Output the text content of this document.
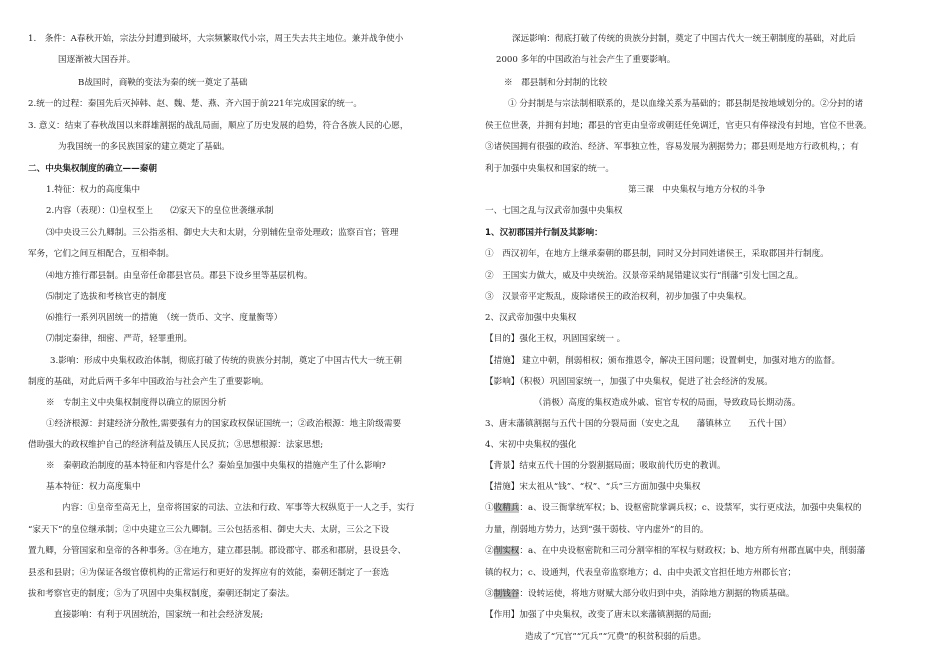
1.　条件：A春秋开始，宗法分封遭到破坏，大宗频繁取代小宗，周王失去共主地位。兼并战争使小
国逐渐被大国吞并。
B战国时，商鞅的变法为秦的统一奠定了基础
2.统一的过程：秦国先后灭掉韩、赵、魏、楚、燕、齐六国于前221年完成国家的统一。
3. 意义：结束了春秋战国以来群雄割据的战乱局面，顺应了历史发展的趋势，符合各族人民的心愿，
为我国统一的多民族国家的建立奠定了基础。
二、中央集权制度的确立——秦朝
1.特征：权力的高度集中
2.内容（表现）：⑴皇权至上　　⑵家天下的皇位世袭继承制
⑶中央设三公九卿制。三公指丞相、御史大夫和太尉，分别辅佐皇帝处理政；监察百官；管理
军务，它们之间互相配合，互相牵制。
⑷地方推行郡县制。由皇帝任命郡县官员。郡县下设乡里等基层机构。
⑸制定了选拔和考核官吏的制度
⑹推行一系列巩固统一的措施　（统一货币、文字、度量衡等）
⑺制定秦律，细密、严苛，轻罪重刑。
3.影响：形成中央集权政治体制，彻底打破了传统的贵族分封制，奠定了中国古代大一统王朝
制度的基础，对此后两千多年中国政治与社会产生了重要影响。
※　专制主义中央集权制度得以确立的原因分析
①经济根源：封建经济分散性,需要强有力的国家政权保证国统一；②政治根源：地主阶级需要
借助强大的政权维护自己的经济利益及镇压人民反抗；③思想根源：法家思想;
※　秦朝政治制度的基本特征和内容是什么？秦始皇加强中央集权的措施产生了什么影响?
基本特征：权力高度集中
内容：①皇帝至高无上，皇帝将国家的司法、立法和行政、军事等大权纵览于一人之手，实行
“家天下”的皇位继承制；②中央建立三公九卿制。三公包括丞相、御史大夫、太尉，三公之下设
置九卿，分管国家和皇帝的各种事务。③在地方，建立郡县制。郡设郡守、郡丞和郡尉，县设县令、
县丞和县尉；④为保证各级官僚机构的正常运行和更好的发挥应有的效能，秦朝还制定了一套选
拔和考察官吏的制度；⑤为了巩固中央集权制度，秦朝还制定了秦法。
直接影响：有利于巩固统治，国家统一和社会经济发展;
深远影响：彻底打破了传统的贵族分封制，奠定了中国古代大一统王朝制度的基础，对此后
2000 多年的中国政治与社会产生了重要影响。
※　郡县制和分封制的比较
① 分封制是与宗法制相联系的，是以血缘关系为基础的；郡县制是按地域划分的。②分封的诸
侯王位世袭，并拥有封地；郡县的官吏由皇帝或朝廷任免调迁，官吏只有俸禄没有封地，官位不世袭。
③诸侯国拥有很强的政治、经济、军事独立性，容易发展为割据势力；郡县则是地方行政机构，；有
利于加强中央集权和国家的统一。
第三课　中央集权与地方分权的斗争
一、七国之乱与汉武帝加强中央集权
1、汉初郡国并行制及其影响：
①　西汉初年，在地方上继承秦朝的郡县制，同时又分封同姓诸侯王，采取郡国并行制度。
②　王国实力做大，威及中央统治。汉景帝采纳晁错建议实行“削藩”引发七国之乱。
③　汉景帝平定叛乱，废除诸侯王的政治权利，初步加强了中央集权。
2、汉武帝加强中央集权
【目的】强化王权，巩固国家统一 。
【措施】 建立中朝，削弱相权；颁布推恩令，解决王国问题；设置刺史，加强对地方的监督。
【影响】（积极）巩固国家统一，加强了中央集权，促进了社会经济的发展。
（消极）高度的集权造成外戚、宦官专权的局面，导致政局长期动荡。
3、唐末藩镇割据与五代十国的分裂局面（安史之乱　　藩镇林立　　五代十国）
4、宋初中央集权的强化
【背景】结束五代十国的分裂割据局面；吸取前代历史的教训。
【措施】宋太祖从“钱”、“权”、“兵”三方面加强中央集权
①收精兵：a、设三衙掌统军权；b、设枢密院掌调兵权；c、设禁军，实行更戍法，加强中央集权的
力量，削弱地方势力，达到“强干弱枝、守内虚外”的目的。
②削实权：a、在中央设枢密院和三司分割宰相的军权与财政权；b、地方所有州郡直属中央，削弱藩
镇的权力；c、设通判，代表皇帝监察地方；d、由中央派文官担任地方州郡长官；
③制钱谷：设转运使，将地方财赋大部分收归到中央，消除地方割据的物质基础。
【作用】加强了中央集权，改变了唐末以来藩镇割据的局面;
造成了“冗官”“冗兵”“冗费”的积贫积弱的后患。
